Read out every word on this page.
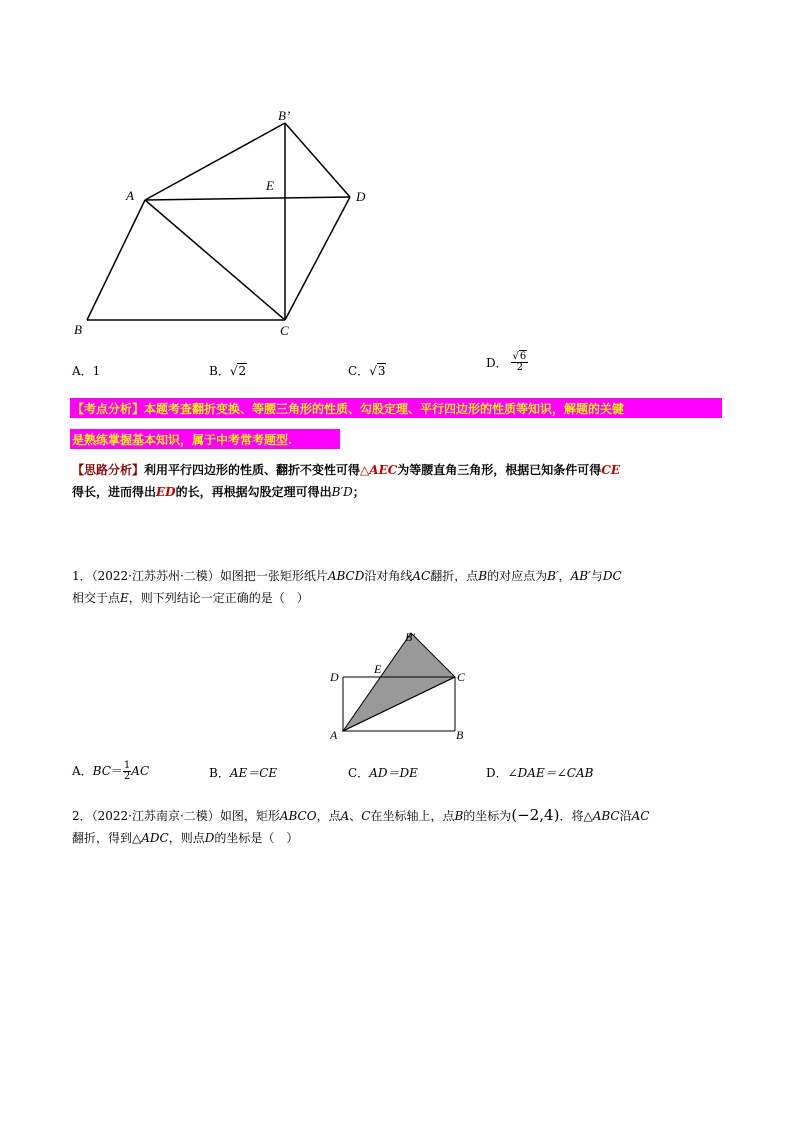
A
B	C
D
E
B’
A．1	B．√2	C．√3
D． $\frac{√6}{2}$
【考点分析】本题考查翻折变换、等腰三角形的性质、勾股定理、平行四边形的性质等知识，解题的关键
是熟练掌握基本知识，属于中考常考题型.
【思路分析】利用平行四边形的性质、翻折不变性可得△AEC为等腰直角三角形，根据已知条件可得CE
得长，进而得出ED的长，再根据勾股定理可得出B′D；
1．（2022·江苏苏州·二模）如图把一张矩形纸片ABCD沿对角线AC翻折，点B的对应点为B′，AB′与DC
相交于点E，则下列结论一定正确的是（　）
A	B
C
D
E
B′
A．$BC= \frac{1}{2}$ AC	B．AE＝CE	C．AD＝DE	D．∠DAE＝∠CAB
2．（2022·江苏南京·二模）如图，矩形ABCO，点A、C在坐标轴上，点B的坐标为(−2,4)．将△ABC沿AC
翻折，得到△ADC，则点D的坐标是（　）
